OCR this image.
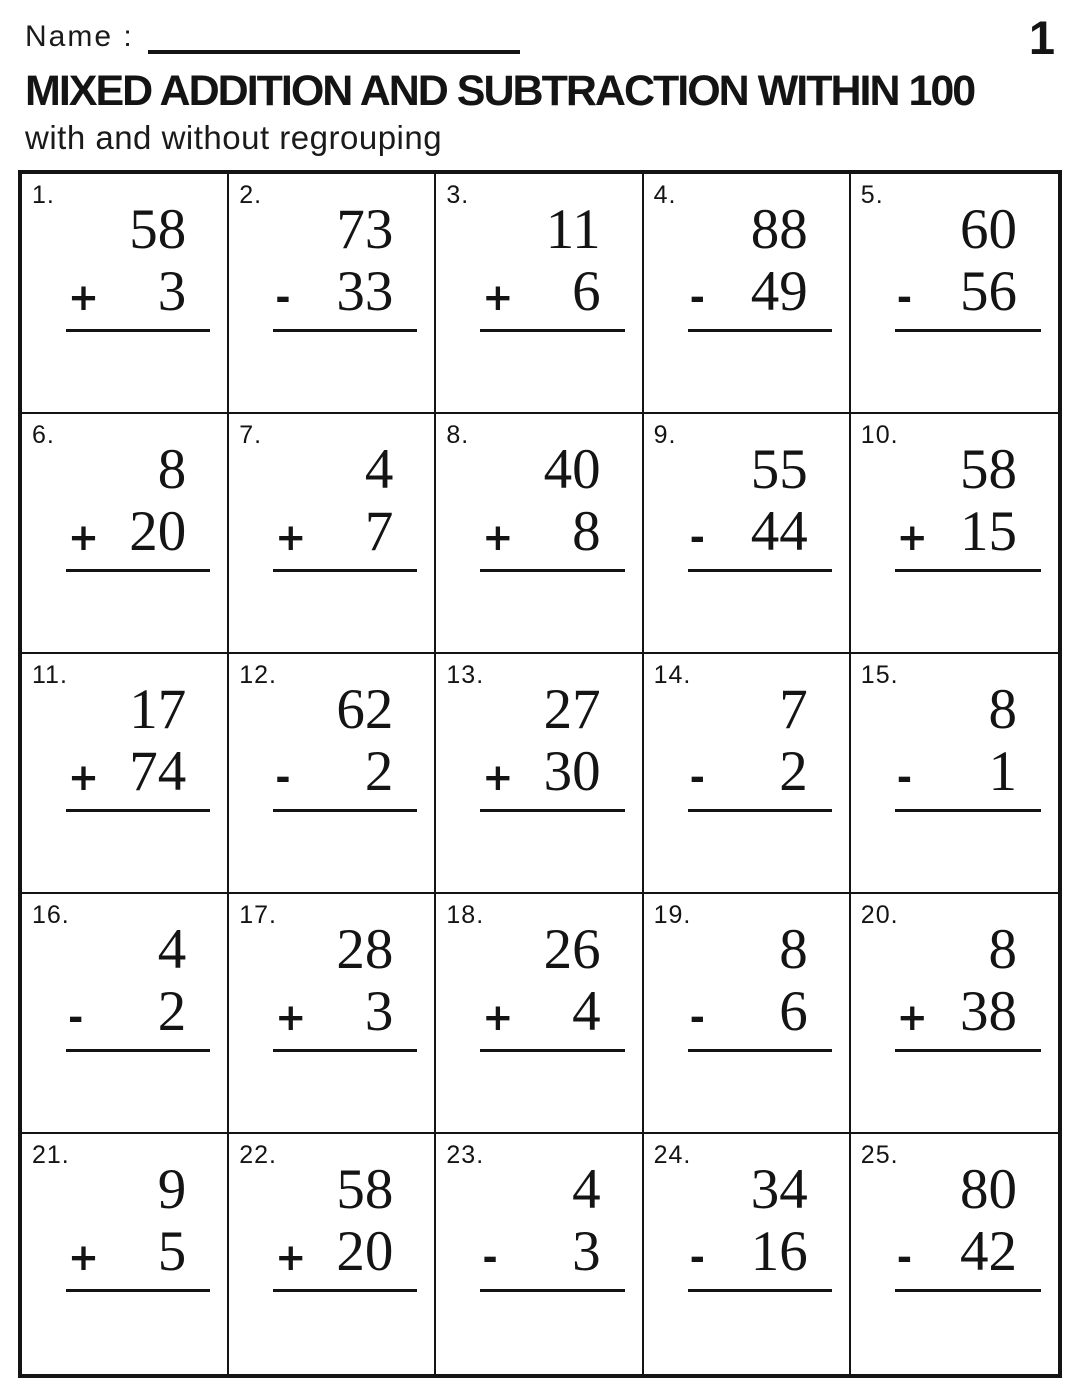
Name :	1
MIXED ADDITION AND SUBTRACTION WITHIN 100
with and without regrouping
1.
58
+ 3
2.
73
- 33
3.
11
+ 6
4.
88
- 49
5.
60
- 56
6.
8
+ 20
7.
4
+ 7
8.
40
+ 8
9.
55
- 44
10.
58
+ 15
11.
17
+ 74
12.
62
- 2
13.
27
+ 30
14.
7
- 2
15.
8
- 1
16.
4
- 2
17.
28
+ 3
18.
26
+ 4
19.
8
- 6
20.
8
+ 38
21.
9
+ 5
22.
58
+ 20
23.
4
- 3
24.
34
- 16
25.
80
- 42
